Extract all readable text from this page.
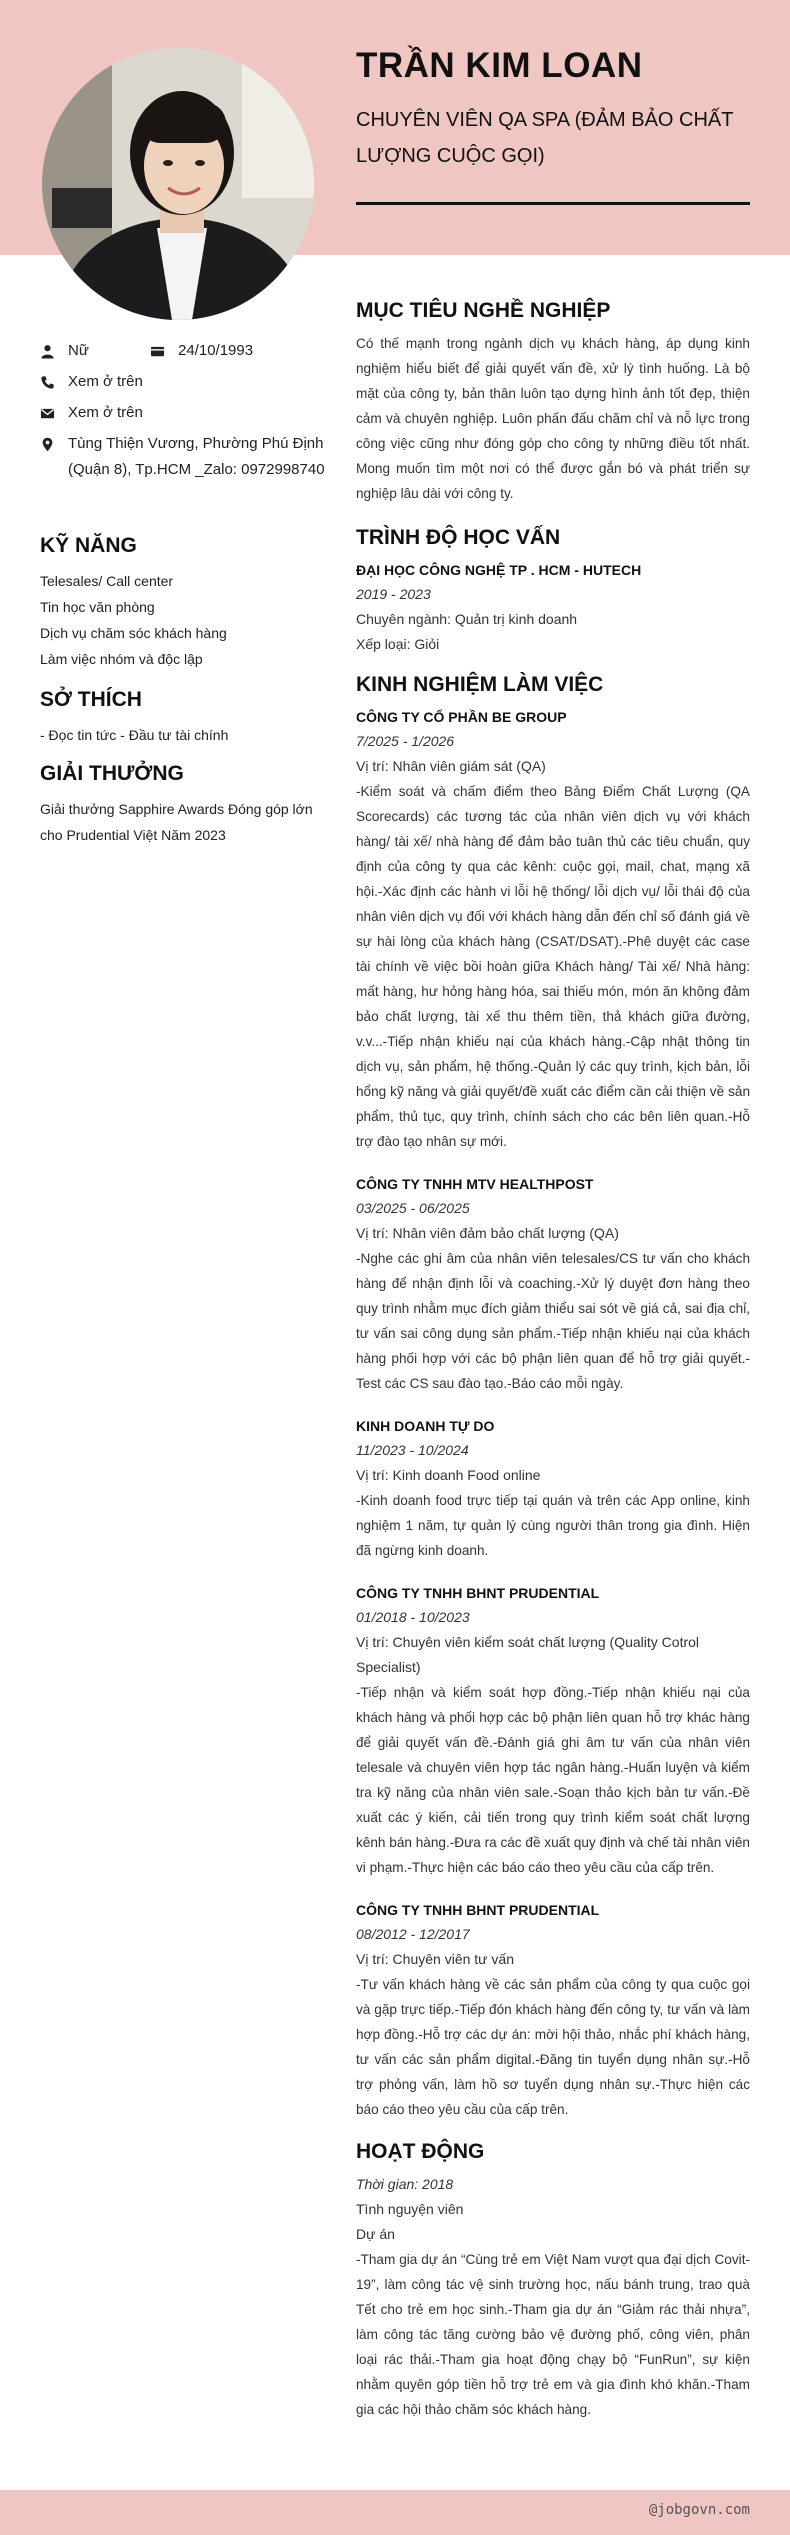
TRẦN KIM LOAN
CHUYÊN VIÊN QA SPA (ĐẢM BẢO CHẤT LƯỢNG CUỘC GỌI)
Nữ	24/10/1993
Xem ở trên
Xem ở trên
Tùng Thiện Vương, Phường Phú Định (Quận 8), Tp.HCM _Zalo: 0972998740
KỸ NĂNG
Telesales/ Call center
Tin học văn phòng
Dịch vụ chăm sóc khách hàng
Làm việc nhóm và độc lập
SỞ THÍCH
- Đọc tin tức - Đầu tư tài chính
GIẢI THƯỞNG
Giải thưởng Sapphire Awards Đóng góp lớn cho Prudential Việt Năm 2023
MỤC TIÊU NGHỀ NGHIỆP
Có thế mạnh trong ngành dịch vụ khách hàng, áp dụng kinh nghiệm hiểu biết để giải quyết vấn đề, xử lý tình huống. Là bộ mặt của công ty, bản thân luôn tạo dựng hình ảnh tốt đẹp, thiện cảm và chuyên nghiệp. Luôn phấn đấu chăm chỉ và nỗ lực trong công việc cũng như đóng góp cho công ty những điều tốt nhất. Mong muốn tìm một nơi có thể được gắn bó và phát triển sự nghiệp lâu dài với công ty.
TRÌNH ĐỘ HỌC VẤN
ĐẠI HỌC CÔNG NGHỆ TP . HCM - HUTECH
2019 - 2023
Chuyên ngành: Quản trị kinh doanh
Xếp loại: Giỏi
KINH NGHIỆM LÀM VIỆC
CÔNG TY CỔ PHẦN BE GROUP
7/2025 - 1/2026
Vị trí: Nhân viên giám sát (QA)
-Kiểm soát và chấm điểm theo Bảng Điểm Chất Lượng (QA Scorecards) các tương tác của nhân viên dịch vụ với khách hàng/ tài xế/ nhà hàng để đảm bảo tuân thủ các tiêu chuẩn, quy định của công ty qua các kênh: cuộc gọi, mail, chat, mạng xã hội.-Xác định các hành vi lỗi hệ thống/ lỗi dịch vụ/ lỗi thái độ của nhân viên dịch vụ đối với khách hàng dẫn đến chỉ số đánh giá về sự hài lòng của khách hàng (CSAT/DSAT).-Phê duyệt các case tài chính về việc bồi hoàn giữa Khách hàng/ Tài xế/ Nhà hàng: mất hàng, hư hỏng hàng hóa, sai thiếu món, món ăn không đảm bảo chất lượng, tài xế thu thêm tiền, thả khách giữa đường, v.v...-Tiếp nhận khiếu nại của khách hàng.-Cập nhật thông tin dịch vụ, sản phẩm, hệ thống.-Quản lý các quy trình, kịch bản, lỗi hổng kỹ năng và giải quyết/đề xuất các điểm cần cải thiện về sản phẩm, thủ tục, quy trình, chính sách cho các bên liên quan.-Hỗ trợ đào tạo nhân sự mới.
CÔNG TY TNHH MTV HEALTHPOST
03/2025 - 06/2025
Vị trí: Nhân viên đảm bảo chất lượng (QA)
-Nghe các ghi âm của nhân viên telesales/CS tư vấn cho khách hàng để nhận định lỗi và coaching.-Xử lý duyệt đơn hàng theo quy trình nhằm mục đích giảm thiểu sai sót về giá cả, sai địa chỉ, tư vấn sai công dụng sản phẩm.-Tiếp nhận khiếu nại của khách hàng phối hợp với các bộ phận liên quan để hỗ trợ giải quyết.-Test các CS sau đào tạo.-Báo cáo mỗi ngày.
KINH DOANH TỰ DO
11/2023 - 10/2024
Vị trí: Kinh doanh Food online
-Kinh doanh food trực tiếp tại quán và trên các App online, kinh nghiệm 1 năm, tự quản lý cùng người thân trong gia đình. Hiện đã ngừng kinh doanh.
CÔNG TY TNHH BHNT PRUDENTIAL
01/2018 - 10/2023
Vị trí: Chuyên viên kiểm soát chất lượng (Quality Cotrol Specialist)
-Tiếp nhận và kiểm soát hợp đồng.-Tiếp nhận khiếu nại của khách hàng và phối hợp các bộ phận liên quan hỗ trợ khác hàng để giải quyết vấn đề.-Đánh giá ghi âm tư vấn của nhân viên telesale và chuyên viên hợp tác ngân hàng.-Huấn luyện và kiểm tra kỹ năng của nhân viên sale.-Soạn thảo kịch bản tư vấn.-Đề xuất các ý kiến, cải tiến trong quy trình kiểm soát chất lượng kênh bán hàng.-Đưa ra các đề xuất quy định và chế tài nhân viên vi phạm.-Thực hiện các báo cáo theo yêu cầu của cấp trên.
CÔNG TY TNHH BHNT PRUDENTIAL
08/2012 - 12/2017
Vị trí: Chuyên viên tư vấn
-Tư vấn khách hàng về các sản phẩm của công ty qua cuộc gọi và gặp trực tiếp.-Tiếp đón khách hàng đến công ty, tư vấn và làm hợp đồng.-Hỗ trợ các dự án: mời hội thảo, nhắc phí khách hàng, tư vấn các sản phẩm digital.-Đăng tin tuyển dụng nhân sự.-Hỗ trợ phỏng vấn, làm hồ sơ tuyển dụng nhân sự.-Thực hiện các báo cáo theo yêu cầu của cấp trên.
HOẠT ĐỘNG
Thời gian: 2018
Tình nguyện viên
Dự án
-Tham gia dự án “Cùng trẻ em Việt Nam vượt qua đại dịch Covit-19”, làm công tác vệ sinh trường học, nấu bánh trung, trao quà Tết cho trẻ em học sinh.-Tham gia dự án “Giảm rác thải nhựa”, làm công tác tăng cường bảo vệ đường phố, công viên, phân loại rác thải.-Tham gia hoạt động chạy bộ “FunRun”, sự kiện nhằm quyên góp tiền hỗ trợ trẻ em và gia đình khó khăn.-Tham gia các hội thảo chăm sóc khách hàng.
@jobgovn.com
